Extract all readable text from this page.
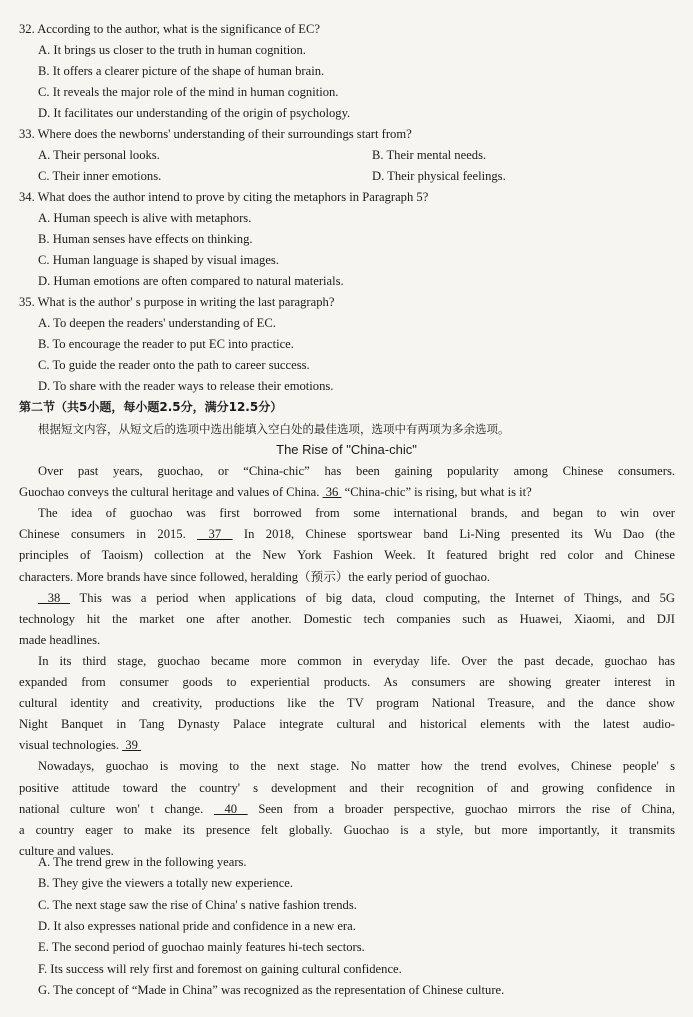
32. According to the author, what is the significance of EC?
A. It brings us closer to the truth in human cognition.
B. It offers a clearer picture of the shape of human brain.
C. It reveals the major role of the mind in human cognition.
D. It facilitates our understanding of the origin of psychology.
33. Where does the newborns' understanding of their surroundings start from?
A. Their personal looks.	B. Their mental needs.
C. Their inner emotions.	D. Their physical feelings.
34. What does the author intend to prove by citing the metaphors in Paragraph 5?
A. Human speech is alive with metaphors.
B. Human senses have effects on thinking.
C. Human language is shaped by visual images.
D. Human emotions are often compared to natural materials.
35. What is the author' s purpose in writing the last paragraph?
A. To deepen the readers' understanding of EC.
B. To encourage the reader to put EC into practice.
C. To guide the reader onto the path to career success.
D. To share with the reader ways to release their emotions.
第二节（共5小题，每小题2.5分，满分12.5分）
根据短文内容，从短文后的选项中选出能填入空白处的最佳选项，选项中有两项为多余选项。
The Rise of "China-chic"
Over past years, guochao, or “China-chic” has been gaining popularity among Chinese consumers.
Guochao conveys the cultural heritage and values of China.  36  “China-chic” is rising, but what is it?
The idea of guochao was first borrowed from some international brands, and began to win over
Chinese consumers in 2015.  37  In 2018, Chinese sportswear band Li-Ning presented its Wu Dao (the
principles of Taoism) collection at the New York Fashion Week. It featured bright red color and Chinese
characters. More brands have since followed, heralding（预示）the early period of guochao.
38  This was a period when applications of big data, cloud computing, the Internet of Things, and 5G
technology hit the market one after another. Domestic tech companies such as Huawei, Xiaomi, and DJI
made headlines.
In its third stage, guochao became more common in everyday life. Over the past decade, guochao has
expanded from consumer goods to experiential products. As consumers are showing greater interest in
cultural identity and creativity, productions like the TV program National Treasure, and the dance show
Night Banquet in Tang Dynasty Palace integrate cultural and historical elements with the latest audio-
visual technologies.  39
Nowadays, guochao is moving to the next stage. No matter how the trend evolves, Chinese people' s
positive attitude toward the country' s development and their recognition of and growing confidence in
national culture won' t change.  40  Seen from a broader perspective, guochao mirrors the rise of China,
a country eager to make its presence felt globally. Guochao is a style, but more importantly, it transmits
culture and values.
A. The trend grew in the following years.
B. They give the viewers a totally new experience.
C. The next stage saw the rise of China' s native fashion trends.
D. It also expresses national pride and confidence in a new era.
E. The second period of guochao mainly features hi-tech sectors.
F. Its success will rely first and foremost on gaining cultural confidence.
G. The concept of “Made in China” was recognized as the representation of Chinese culture.
